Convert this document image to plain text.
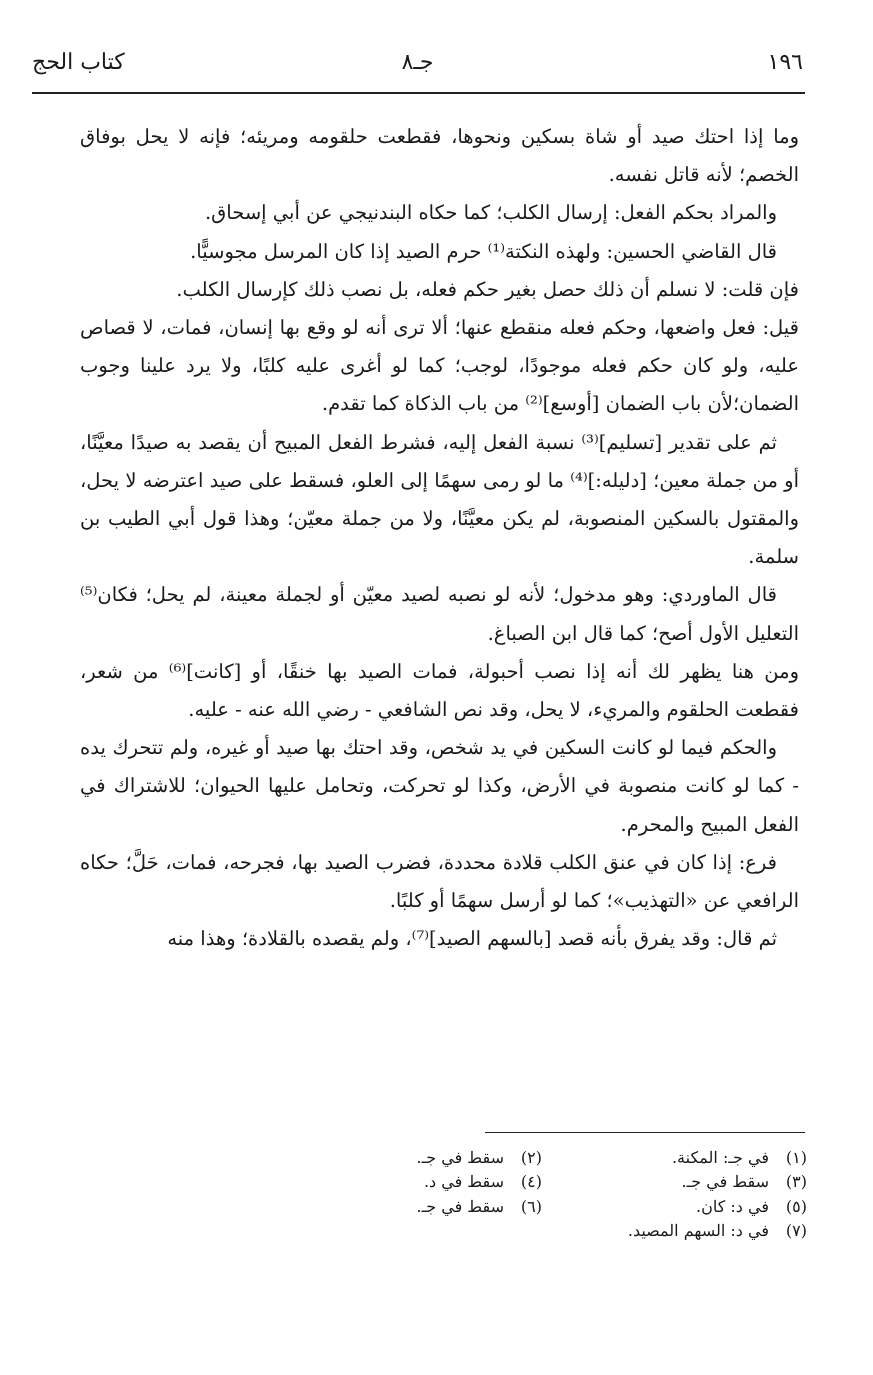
١٩٦
جـ٨
كتاب الحج

وما إذا احتك صيد أو شاة بسكين ونحوها، فقطعت حلقومه ومريئه؛ فإنه لا يحل بوفاق الخصم؛ لأنه قاتل نفسه.

والمراد بحكم الفعل: إرسال الكلب؛ كما حكاه البندنيجي عن أبي إسحاق.

قال القاضي الحسين: ولهذه النكتة⁽¹⁾ حرم الصيد إذا كان المرسل مجوسيًّا.

فإن قلت: لا نسلم أن ذلك حصل بغير حكم فعله، بل نصب ذلك كإرسال الكلب.

قيل: فعل واضعها، وحكم فعله منقطع عنها؛ ألا ترى أنه لو وقع بها إنسان، فمات، لا قصاص عليه، ولو كان حكم فعله موجودًا، لوجب؛ كما لو أغرى عليه كلبًا، ولا يرد علينا وجوب الضمان؛لأن باب الضمان [أوسع]⁽²⁾ من باب الذكاة كما تقدم.

ثم على تقدير [تسليم]⁽³⁾ نسبة الفعل إليه، فشرط الفعل المبيح أن يقصد به صيدًا معيَّنًا، أو من جملة معين؛ [دليله:]⁽⁴⁾ ما لو رمى سهمًا إلى العلو، فسقط على صيد اعترضه لا يحل، والمقتول بالسكين المنصوبة، لم يكن معيَّنًا، ولا من جملة معيّن؛ وهذا قول أبي الطيب بن سلمة.

قال الماوردي: وهو مدخول؛ لأنه لو نصبه لصيد معيّن أو لجملة معينة، لم يحل؛ فكان⁽⁵⁾ التعليل الأول أصح؛ كما قال ابن الصباغ.

ومن هنا يظهر لك أنه إذا نصب أحبولة، فمات الصيد بها خنقًا، أو [كانت]⁽⁶⁾ من شعر، فقطعت الحلقوم والمريء، لا يحل، وقد نص الشافعي - رضي الله عنه - عليه.

والحكم فيما لو كانت السكين في يد شخص، وقد احتك بها صيد أو غيره، ولم تتحرك يده - كما لو كانت منصوبة في الأرض، وكذا لو تحركت، وتحامل عليها الحيوان؛ للاشتراك في الفعل المبيح والمحرم.

فرع: إذا كان في عنق الكلب قلادة محددة، فضرب الصيد بها، فجرحه، فمات، حَلَّ؛ حكاه الرافعي عن «التهذيب»؛ كما لو أرسل سهمًا أو كلبًا.

ثم قال: وقد يفرق بأنه قصد [بالسهم الصيد]⁽⁷⁾، ولم يقصده بالقلادة؛ وهذا منه

(١)في جـ: المكنة.(٢)سقط في جـ.
(٣)سقط في جـ.(٤)سقط في د.
(٥)في د: كان.(٦)سقط في جـ.
(٧)في د: السهم المصيد.
